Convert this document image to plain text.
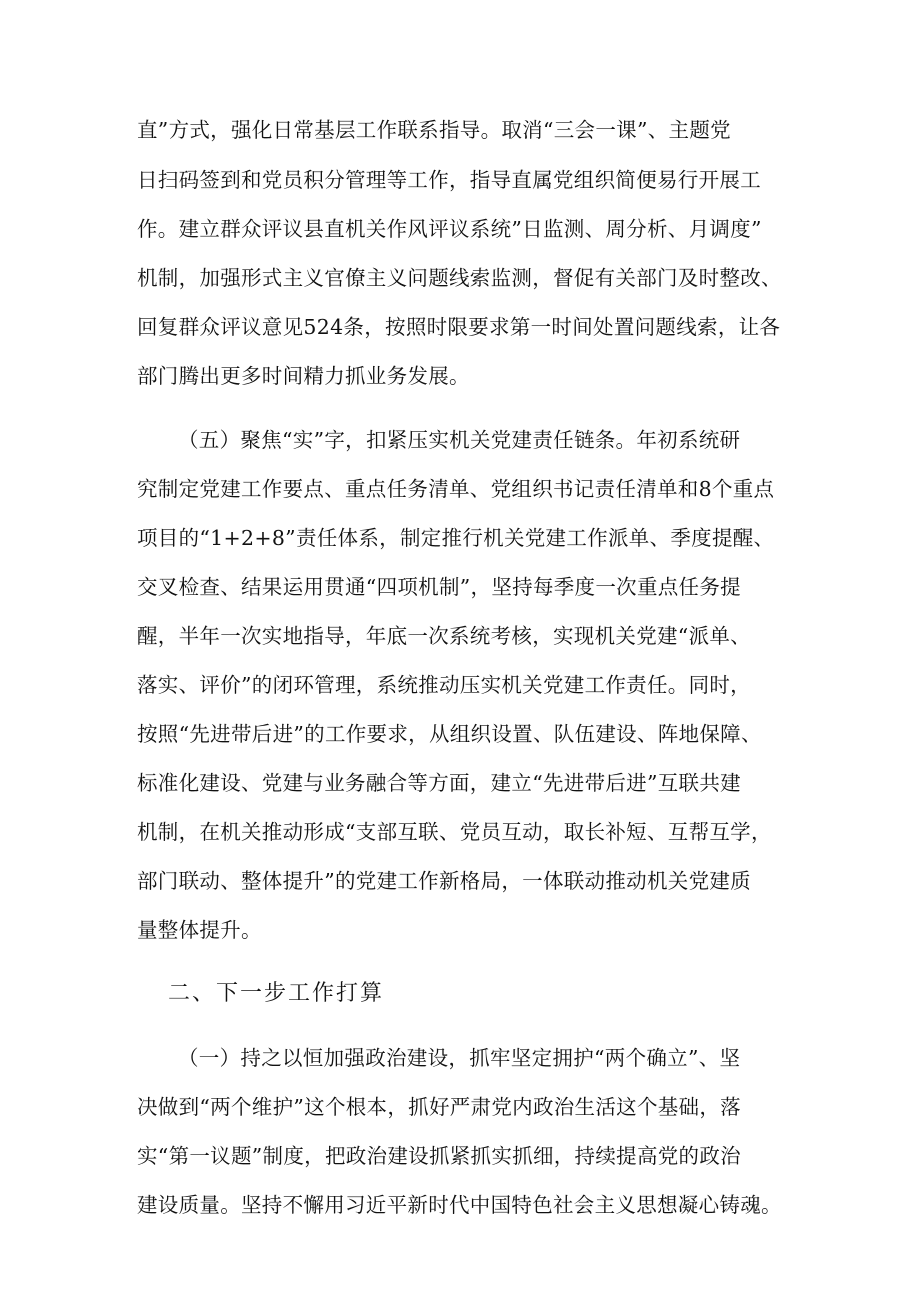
直”方式，强化日常基层工作联系指导。取消“三会一课”、主题党
日扫码签到和党员积分管理等工作，指导直属党组织简便易行开展工
作。建立群众评议县直机关作风评议系统”日监测、周分析、月调度”
机制，加强形式主义官僚主义问题线索监测，督促有关部门及时整改、
回复群众评议意见524条，按照时限要求第一时间处置问题线索，让各
部门腾出更多时间精力抓业务发展。
（五）聚焦“实”字，扣紧压实机关党建责任链条。年初系统研
究制定党建工作要点、重点任务清单、党组织书记责任清单和8个重点
项目的“1+2+8”责任体系，制定推行机关党建工作派单、季度提醒、
交叉检查、结果运用贯通“四项机制”，坚持每季度一次重点任务提
醒，半年一次实地指导，年底一次系统考核，实现机关党建“派单、
落实、评价”的闭环管理，系统推动压实机关党建工作责任。同时，
按照“先进带后进”的工作要求，从组织设置、队伍建设、阵地保障、
标准化建设、党建与业务融合等方面，建立“先进带后进”互联共建
机制，在机关推动形成“支部互联、党员互动，取长补短、互帮互学，
部门联动、整体提升”的党建工作新格局，一体联动推动机关党建质
量整体提升。
二、下一步工作打算
（一）持之以恒加强政治建设，抓牢坚定拥护“两个确立”、坚
决做到“两个维护”这个根本，抓好严肃党内政治生活这个基础，落
实“第一议题”制度，把政治建设抓紧抓实抓细，持续提高党的政治
建设质量。坚持不懈用习近平新时代中国特色社会主义思想凝心铸魂。
